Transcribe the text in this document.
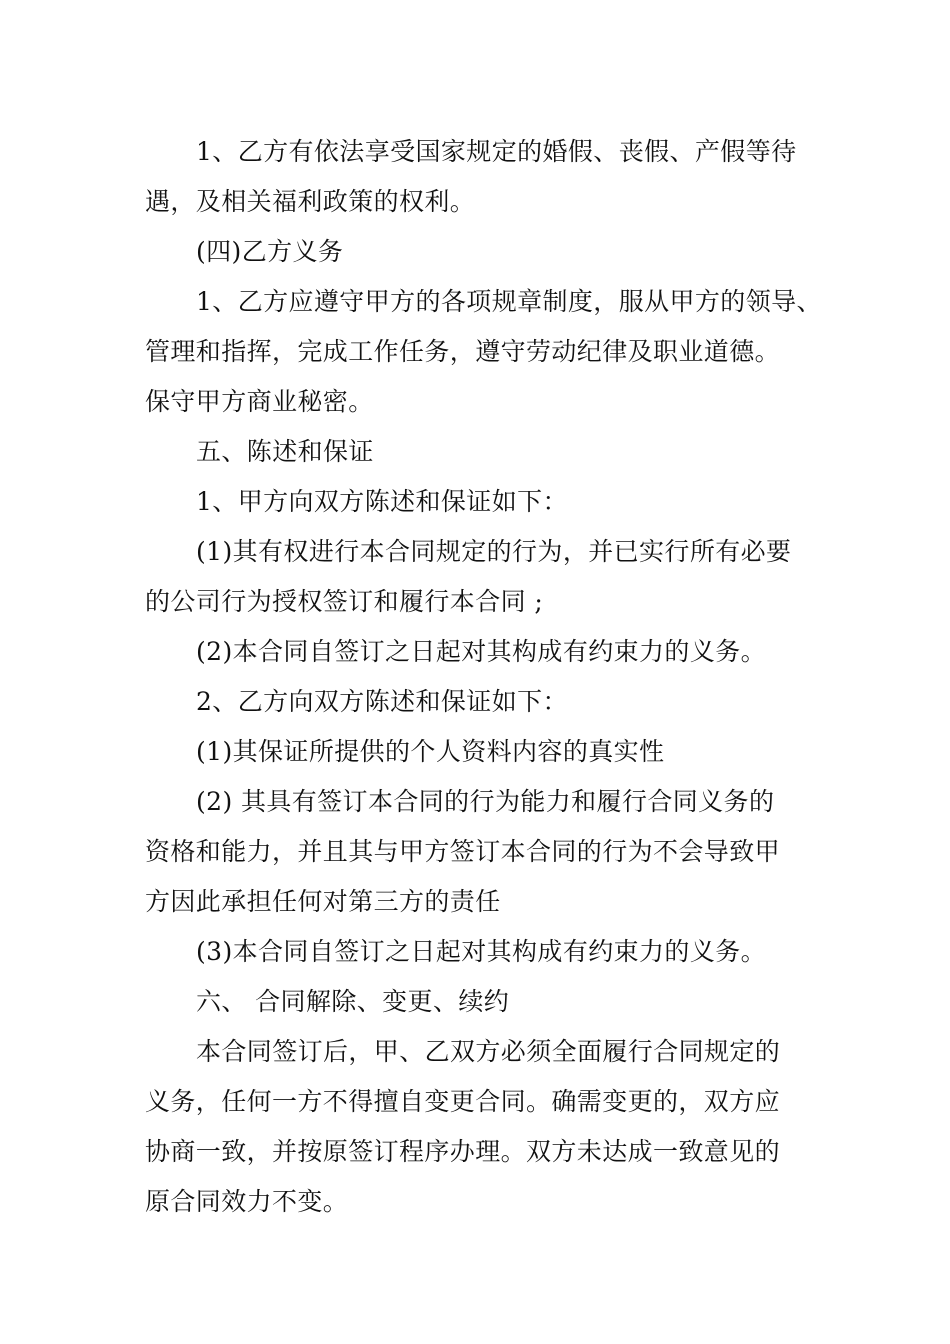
1、乙方有依法享受国家规定的婚假、丧假、产假等待

遇，及相关福利政策的权利。

(四)乙方义务

1、乙方应遵守甲方的各项规章制度，服从甲方的领导、

管理和指挥，完成工作任务，遵守劳动纪律及职业道德。

保守甲方商业秘密。

五、陈述和保证

1、甲方向双方陈述和保证如下：

(1)其有权进行本合同规定的行为，并已实行所有必要

的公司行为授权签订和履行本合同 ;

(2)本合同自签订之日起对其构成有约束力的义务。

2、乙方向双方陈述和保证如下：

(1)其保证所提供的个人资料内容的真实性

(2) 其具有签订本合同的行为能力和履行合同义务的

资格和能力，并且其与甲方签订本合同的行为不会导致甲

方因此承担任何对第三方的责任

(3)本合同自签订之日起对其构成有约束力的义务。

六、 合同解除、变更、续约

本合同签订后，甲、乙双方必须全面履行合同规定的

义务，任何一方不得擅自变更合同。确需变更的，双方应

协商一致，并按原签订程序办理。双方未达成一致意见的

原合同效力不变。
